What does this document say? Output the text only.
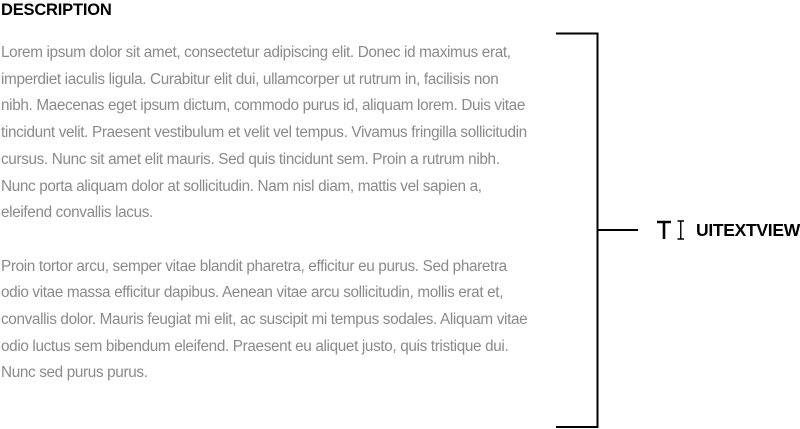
DESCRIPTION

Lorem ipsum dolor sit amet, consectetur adipiscing elit. Donec id maximus erat, imperdiet iaculis ligula. Curabitur elit dui, ullamcorper ut rutrum in, facilisis non nibh. Maecenas eget ipsum dictum, commodo purus id, aliquam lorem. Duis vitae tincidunt velit. Praesent vestibulum et velit vel tempus. Vivamus fringilla sollicitudin cursus. Nunc sit amet elit mauris. Sed quis tincidunt sem. Proin a rutrum nibh. Nunc porta aliquam dolor at sollicitudin. Nam nisl diam, mattis vel sapien a, eleifend convallis lacus.

Proin tortor arcu, semper vitae blandit pharetra, efficitur eu purus. Sed pharetra odio vitae massa efficitur dapibus. Aenean vitae arcu sollicitudin, mollis erat et, convallis dolor. Mauris feugiat mi elit, ac suscipit mi tempus sodales. Aliquam vitae odio luctus sem bibendum eleifend. Praesent eu aliquet justo, quis tristique dui. Nunc sed purus purus.

UITEXTVIEW
